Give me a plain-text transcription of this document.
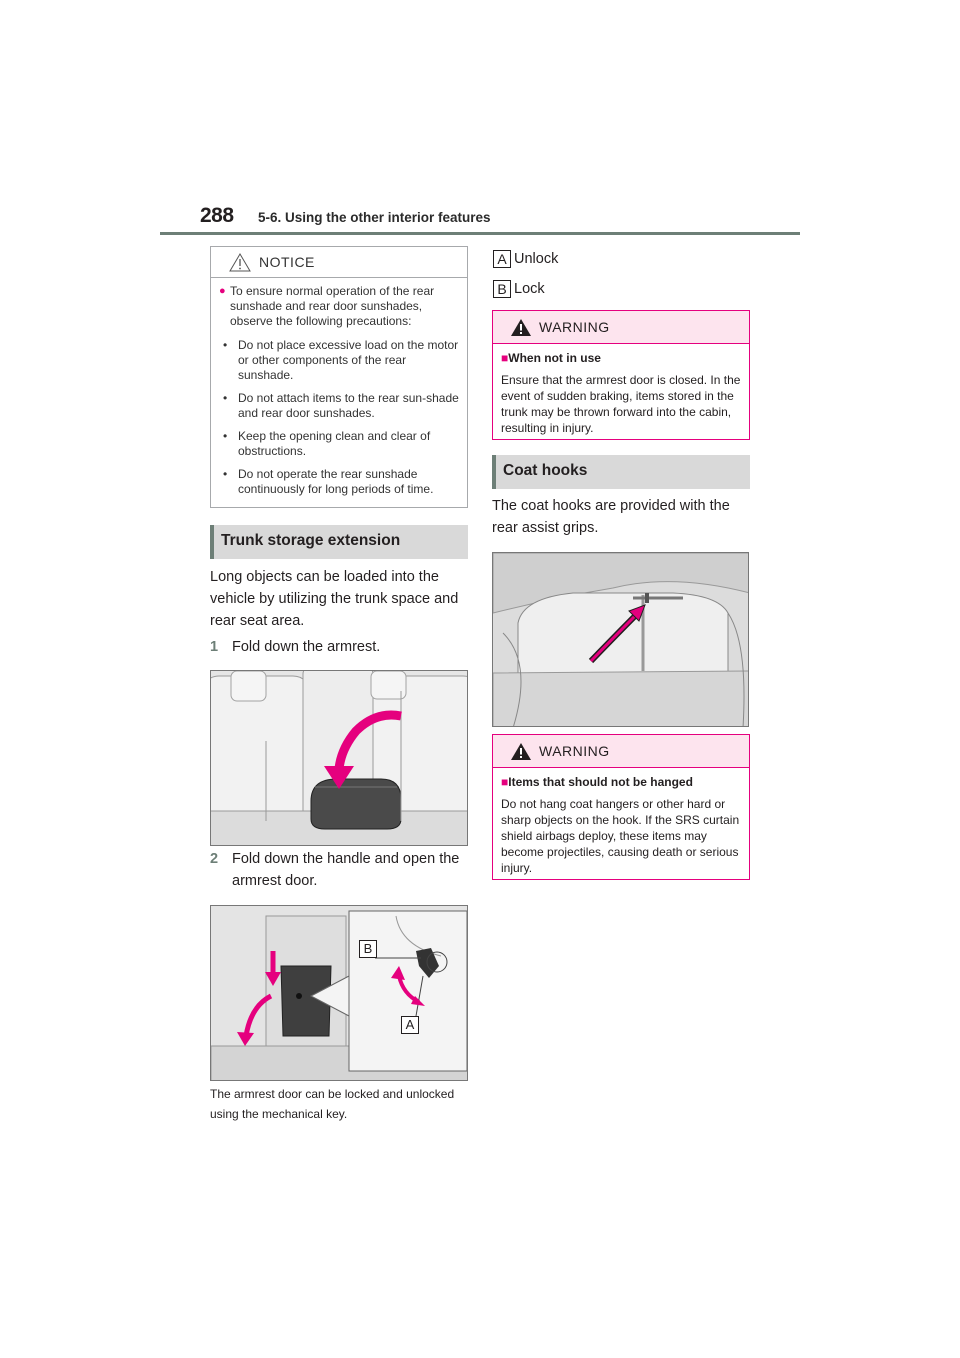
288 5-6. Using the other interior features
NOTICE
● To ensure normal operation of the rear sunshade and rear door sunshades, observe the following precautions:
• Do not place excessive load on the motor or other components of the rear sunshade.
• Do not attach items to the rear sun-shade and rear door sunshades.
• Keep the opening clean and clear of obstructions.
• Do not operate the rear sunshade continuously for long periods of time.
Trunk storage extension
Long objects can be loaded into the vehicle by utilizing the trunk space and rear seat area.
1 Fold down the armrest.
2 Fold down the handle and open the armrest door.
B
A
The armrest door can be locked and unlocked using the mechanical key.
A Unlock
B Lock
WARNING
■When not in use
Ensure that the armrest door is closed. In the event of sudden braking, items stored in the trunk may be thrown forward into the cabin, resulting in injury.
Coat hooks
The coat hooks are provided with the rear assist grips.
WARNING
■Items that should not be hanged
Do not hang coat hangers or other hard or sharp objects on the hook. If the SRS curtain shield airbags deploy, these items may become projectiles, causing death or serious injury.
